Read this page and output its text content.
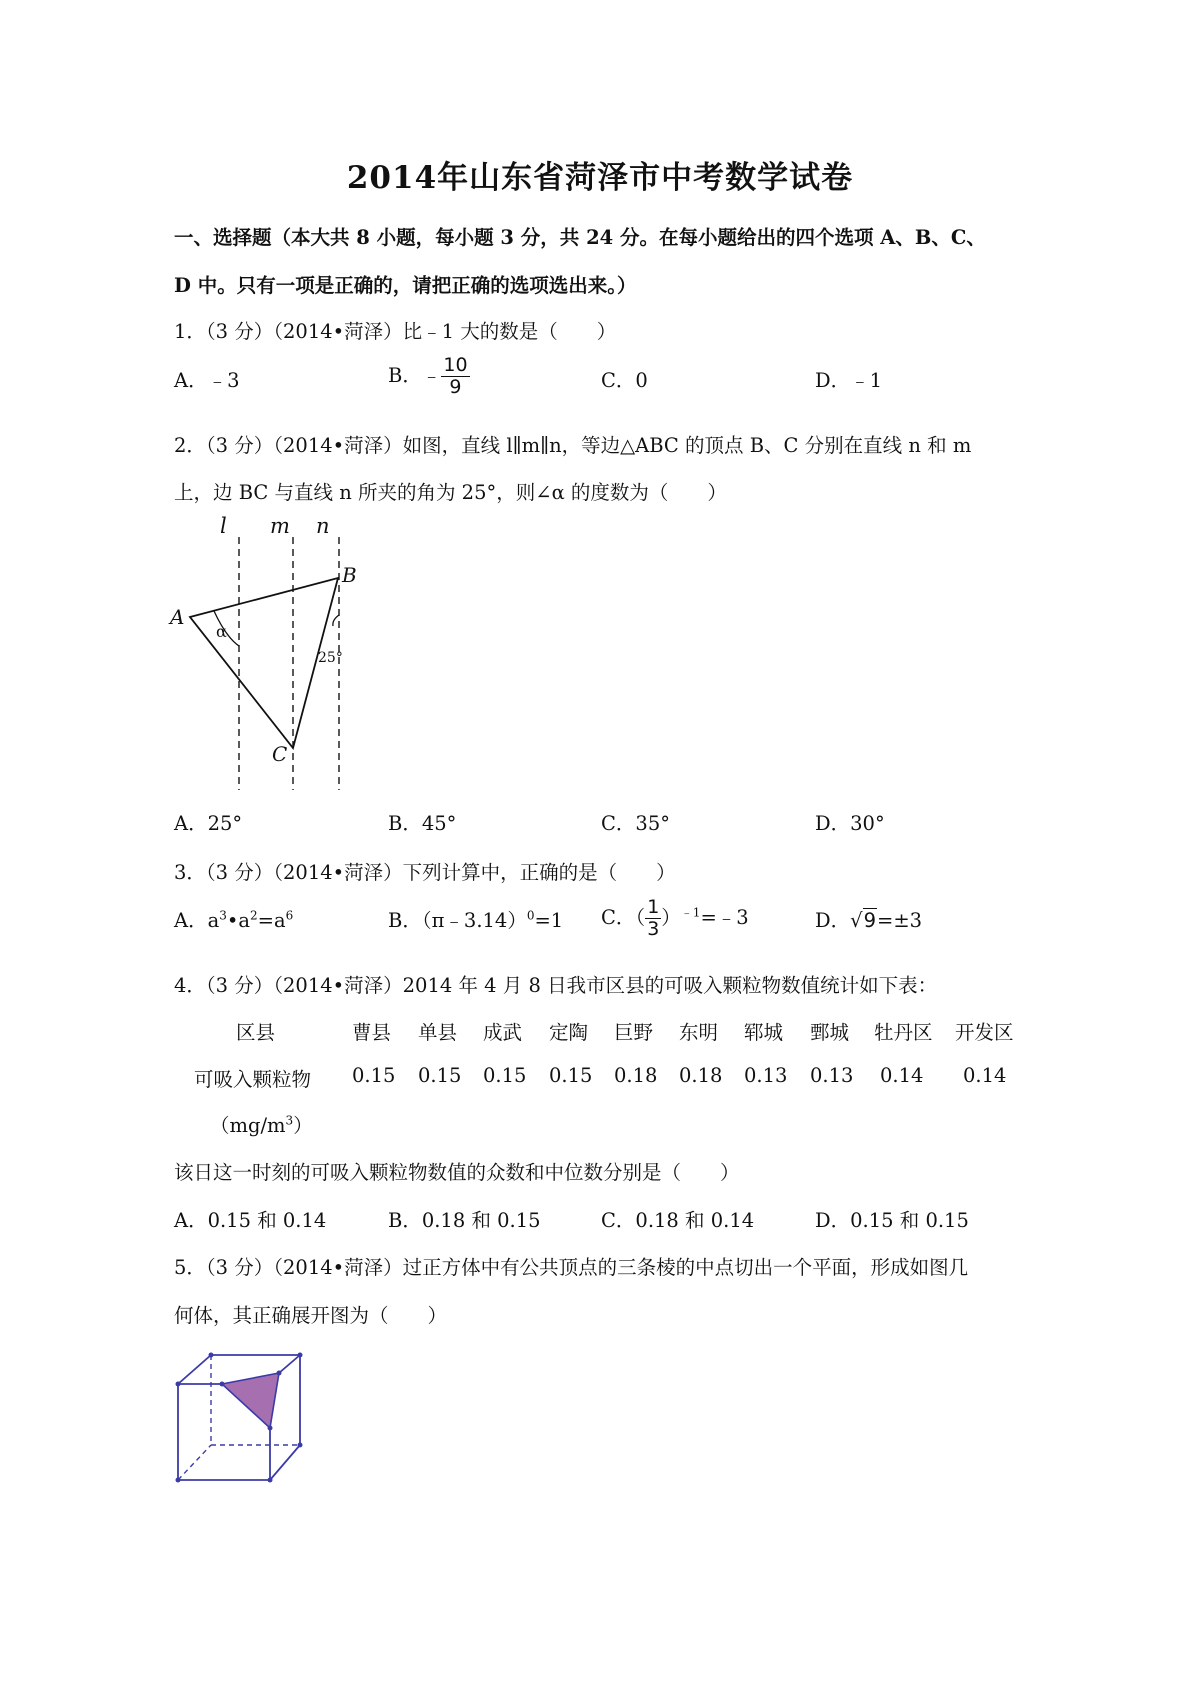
2014年山东省菏泽市中考数学试卷
一、选择题（本大共 8 小题，每小题 3 分，共 24 分。在每小题给出的四个选项 A、B、C、
D 中。只有一项是正确的，请把正确的选项选出来。）
1．（3 分）（2014•菏泽）比﹣1 大的数是（　　）
A．﹣3	B．﹣ $\frac{10}{9}$	C．0	D．﹣1
2．（3 分）（2014•菏泽）如图，直线 l∥m∥n，等边△ABC 的顶点 B、C 分别在直线 n 和 m
上，边 BC 与直线 n 所夹的角为 25°，则∠α 的度数为（　　）
l m n
A
B
C
α
25°
A．25°	B．45°	C．35°	D．30°
3．（3 分）（2014•菏泽）下列计算中，正确的是（　　）
A．$a^3•a^2=a^6$	B．（π﹣3.14）$^0$=1 C．（ $\frac{1}{3}$ ）$^{﹣1}$=﹣3	D．√9=±3
4．（3 分）（2014•菏泽）2014 年 4 月 8 日我市区县的可吸入颗粒物数值统计如下表：
区县	曹县 单县 成武 定陶 巨野 东明 郓城 鄄城 牡丹区 开发区
可吸入颗粒物 0.15 0.15 0.15 0.15 0.18 0.18 0.13 0.13 0.14 0.14
$(mg/m^3)$
该日这一时刻的可吸入颗粒物数值的众数和中位数分别是（　　）
A．0.15 和 0.14	B．0.18 和 0.15	C．0.18 和 0.14	D．0.15 和 0.15
5．（3 分）（2014•菏泽）过正方体中有公共顶点的三条棱的中点切出一个平面，形成如图几
何体，其正确展开图为（　　）
